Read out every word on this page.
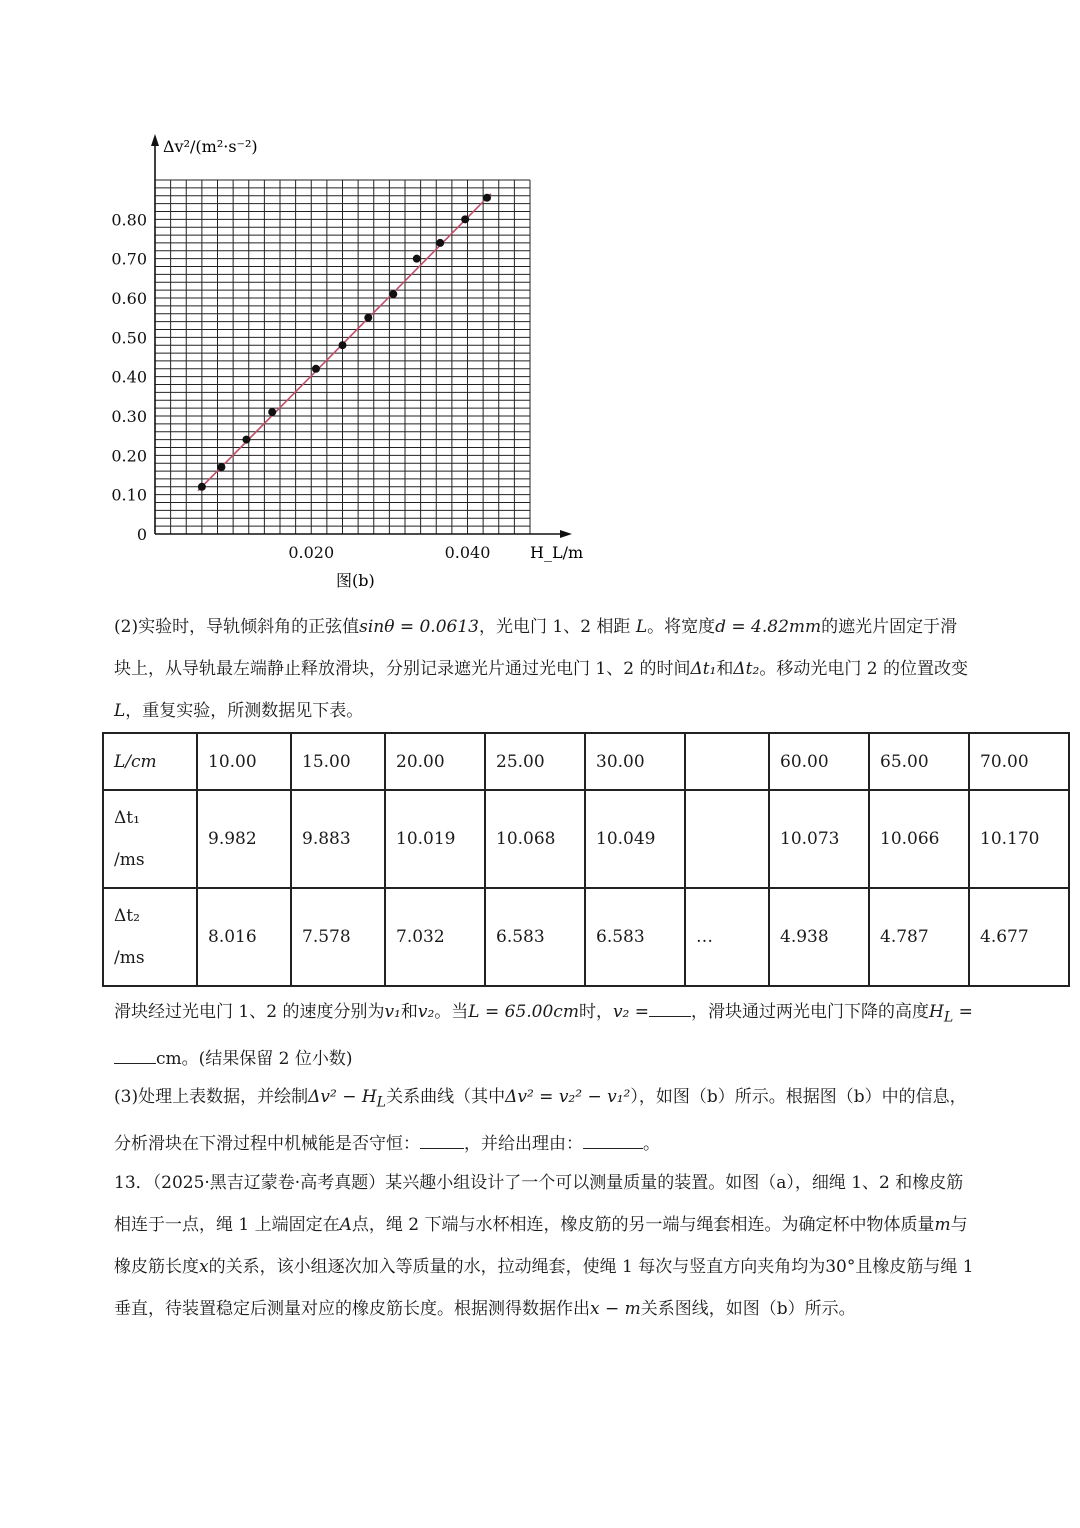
0
0.10
0.20
0.30
0.40
0.50
0.60
0.70
0.80
0.020	0.040
Δv²/(m²·s⁻²)
H_L/m
图(b)

(2)实验时，导轨倾斜角的正弦值sinθ = 0.0613，光电门 1、2 相距 L。将宽度d = 4.82mm的遮光片固定于滑块上，从导轨最左端静止释放滑块，分别记录遮光片通过光电门 1、2 的时间Δt₁和Δt₂。移动光电门 2 的位置改变L，重复实验，所测数据见下表。

L/cm	10.00	15.00	20.00	25.00	30.00		60.00	65.00	70.00

Δt₁
/ms	9.982	9.883	10.019	10.068	10.049		10.073	10.066	10.170

Δt₂
/ms	8.016	7.578	7.032	6.583	6.583	…	4.938	4.787	4.677

滑块经过光电门 1、2 的速度分别为v₁和v₂。当L = 65.00cm时，v₂ = ，滑块通过两光电门下降的高度$H_L =cm$。(结果保留 2 位小数)

(3)处理上表数据，并绘制$\Delta v^2 - H_L$关系曲线（其中Δv² = v₂² − v₁²），如图（b）所示。根据图（b）中的信息，分析滑块在下滑过程中机械能是否守恒：	，并给出理由：	。

13．（2025·黑吉辽蒙卷·高考真题）某兴趣小组设计了一个可以测量质量的装置。如图（a），细绳 1、2 和橡皮筋相连于一点，绳 1 上端固定在A点，绳 2 下端与水杯相连，橡皮筋的另一端与绳套相连。为确定杯中物体质量m与橡皮筋长度x的关系，该小组逐次加入等质量的水，拉动绳套，使绳 1 每次与竖直方向夹角均为30°且橡皮筋与绳 1 垂直，待装置稳定后测量对应的橡皮筋长度。根据测得数据作出x − m关系图线，如图（b）所示。
